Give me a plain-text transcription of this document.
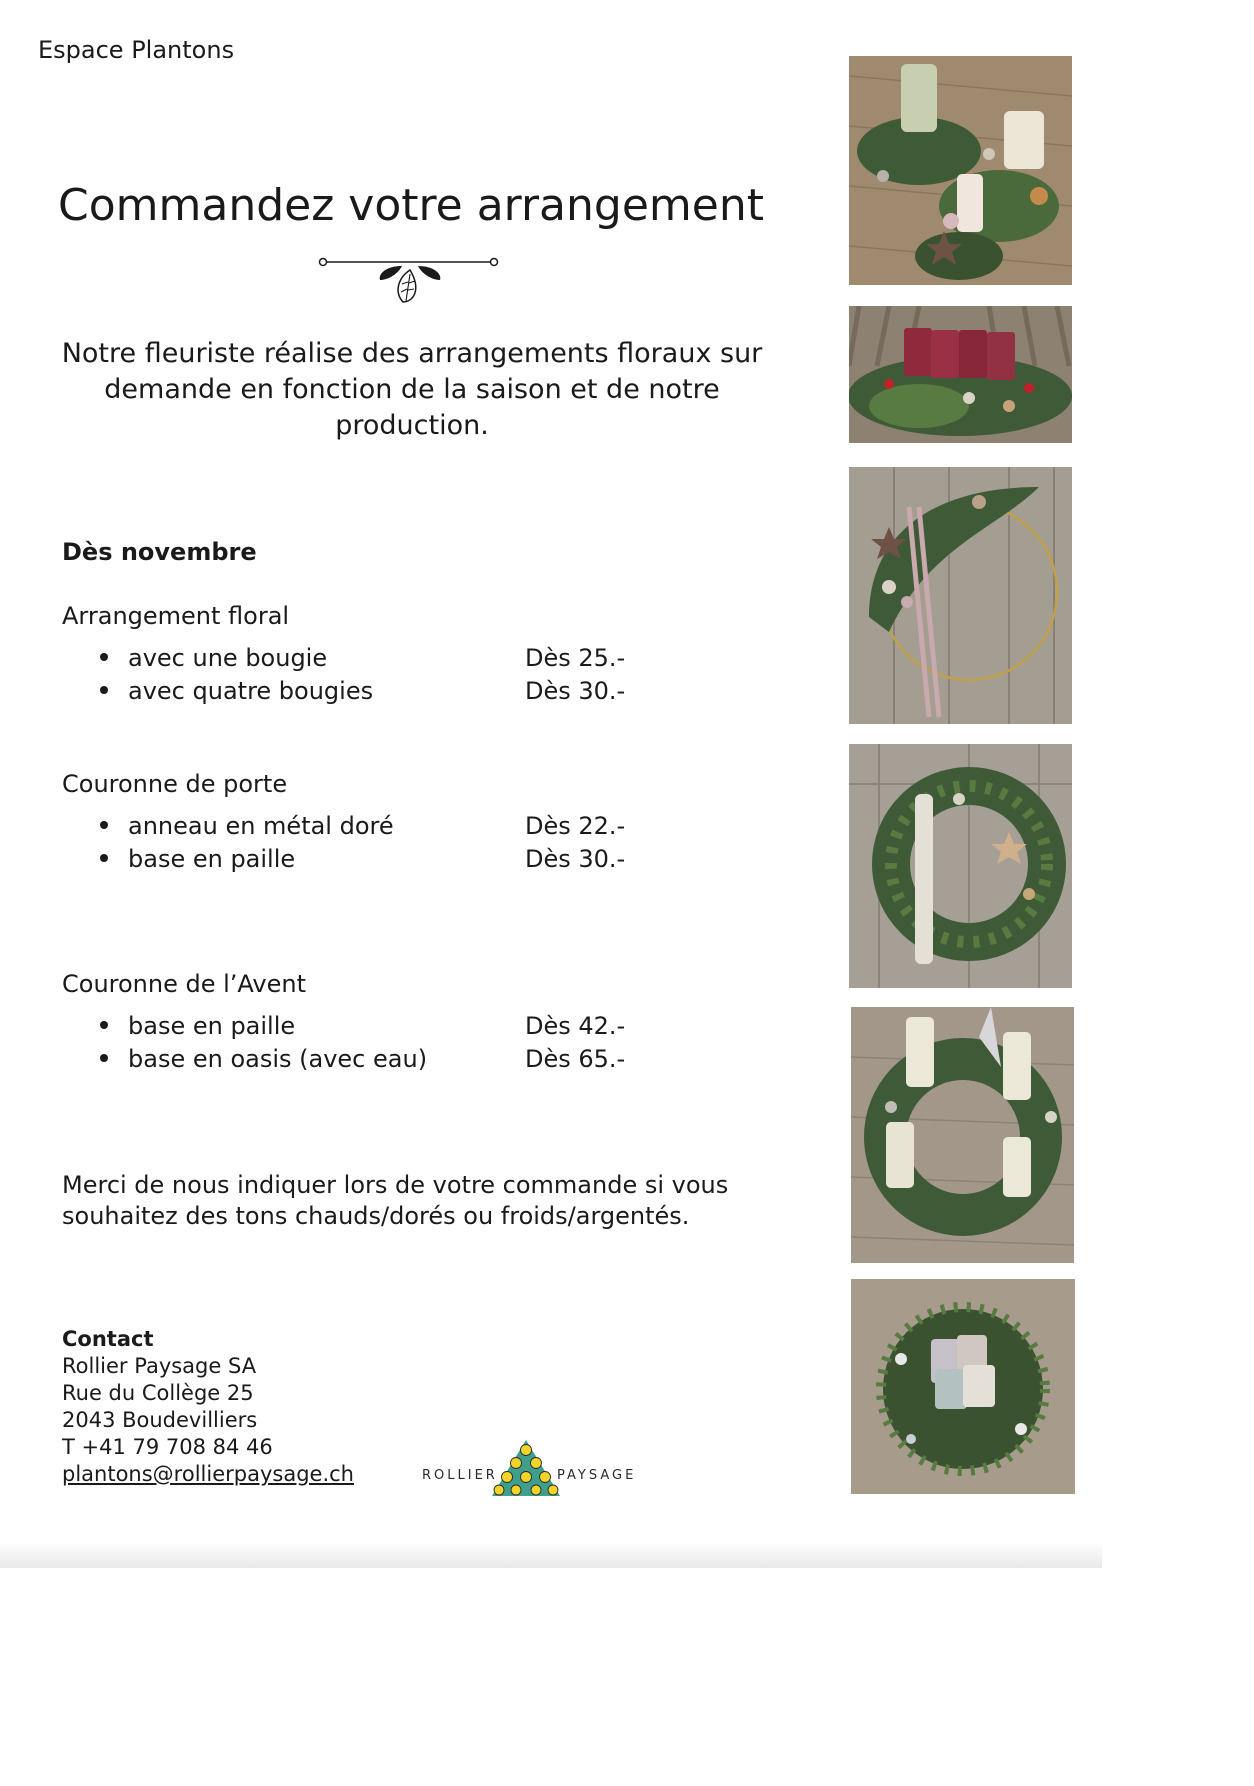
Espace Plantons
Commandez votre arrangement
Notre fleuriste réalise des arrangements floraux sur demande en fonction de la saison et de notre production.
Dès novembre
Arrangement floral
avec une bougie	Dès 25.-
avec quatre bougies	Dès 30.-
Couronne de porte
anneau en métal doré	Dès 22.-
base en paille	Dès 30.-
Couronne de l’Avent
base en paille	Dès 42.-
base en oasis (avec eau)	Dès 65.-
Merci de nous indiquer lors de votre commande si vous souhaitez des tons chauds/dorés ou froids/argentés.
Contact
Rollier Paysage SA
Rue du Collège 25
2043 Boudevilliers
T +41 79 708 84 46
plantons@rollierpaysage.ch	ROLLIER	PAYSAGE
